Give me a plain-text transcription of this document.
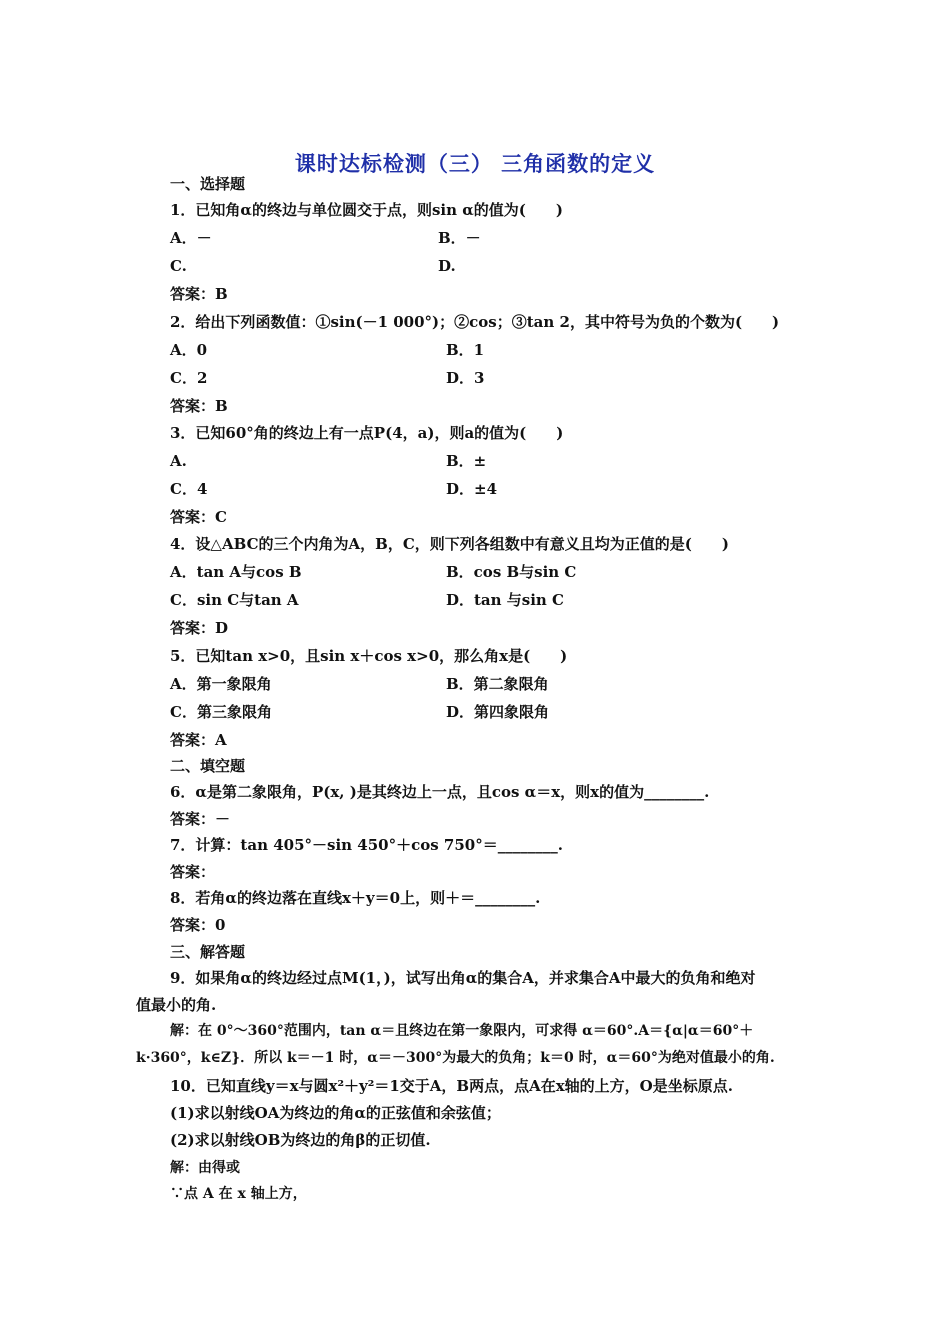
课时达标检测（三） 三角函数的定义
一、选择题
1．已知角α的终边与单位圆交于点，则sin α的值为(　　)
A．－	B．－
C.	D.
答案：B
2．给出下列函数值：①sin(－1 000°)；②cos；③tan 2，其中符号为负的个数为(　　)
A．0	B．1
C．2	D．3
答案：B
3．已知60°角的终边上有一点P(4，a)，则a的值为(　　)
A.	B．±
C．4	D．±4
答案：C
4．设△ABC的三个内角为A，B，C，则下列各组数中有意义且均为正值的是(　　)
A．tan A与cos B	B．cos B与sin C
C．sin C与tan A	D．tan 与sin C
答案：D
5．已知tan x>0，且sin x＋cos x>0，那么角x是(　　)
A．第一象限角	B．第二象限角
C．第三象限角	D．第四象限角
答案：A
二、填空题
6．α是第二象限角，P(x, )是其终边上一点，且cos α＝x，则x的值为________.
答案：－
7．计算：tan 405°－sin 450°＋cos 750°＝________.
答案：
8．若角α的终边落在直线x＋y＝0上，则＋＝________.
答案：0
三、解答题
9．如果角α的终边经过点M(1，)，试写出角α的集合A，并求集合A中最大的负角和绝对
值最小的角.
解：在 0°～360°范围内，tan α＝且终边在第一象限内，可求得 α＝60°.A＝{α|α＝60°＋
k·360°，k∈Z}．所以 k＝－1 时，α＝－300°为最大的负角；k＝0 时，α＝60°为绝对值最小的角.
10．已知直线y＝x与圆x²＋y²＝1交于A，B两点，点A在x轴的上方，O是坐标原点.
(1)求以射线OA为终边的角α的正弦值和余弦值；
(2)求以射线OB为终边的角β的正切值.
解：由得或
∵点 A 在 x 轴上方，
